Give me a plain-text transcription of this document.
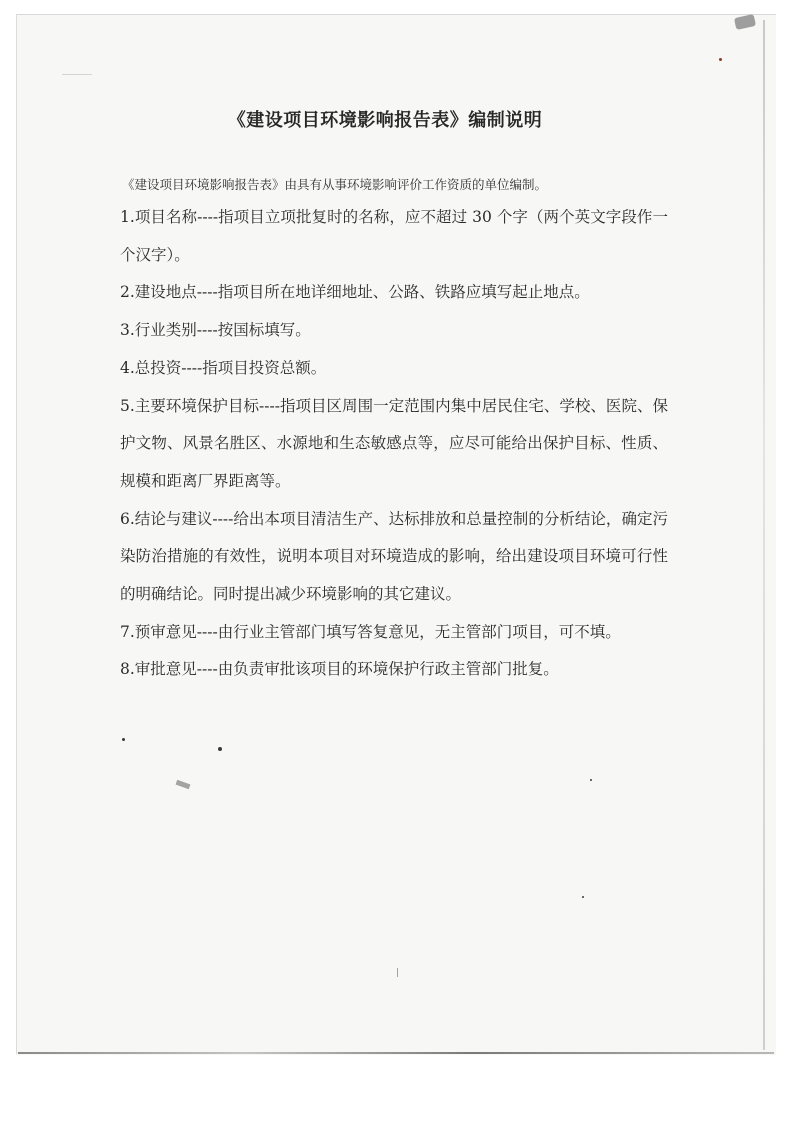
《建设项目环境影响报告表》编制说明

《建设项目环境影响报告表》由具有从事环境影响评价工作资质的单位编制。

1.项目名称----指项目立项批复时的名称，应不超过 30 个字（两个英文字段作一个汉字）。
2.建设地点----指项目所在地详细地址、公路、铁路应填写起止地点。
3.行业类别----按国标填写。
4.总投资----指项目投资总额。
5.主要环境保护目标----指项目区周围一定范围内集中居民住宅、学校、医院、保护文物、风景名胜区、水源地和生态敏感点等，应尽可能给出保护目标、性质、规模和距离厂界距离等。
6.结论与建议----给出本项目清洁生产、达标排放和总量控制的分析结论，确定污染防治措施的有效性，说明本项目对环境造成的影响，给出建设项目环境可行性的明确结论。同时提出减少环境影响的其它建议。
7.预审意见----由行业主管部门填写答复意见，无主管部门项目，可不填。
8.审批意见----由负责审批该项目的环境保护行政主管部门批复。
